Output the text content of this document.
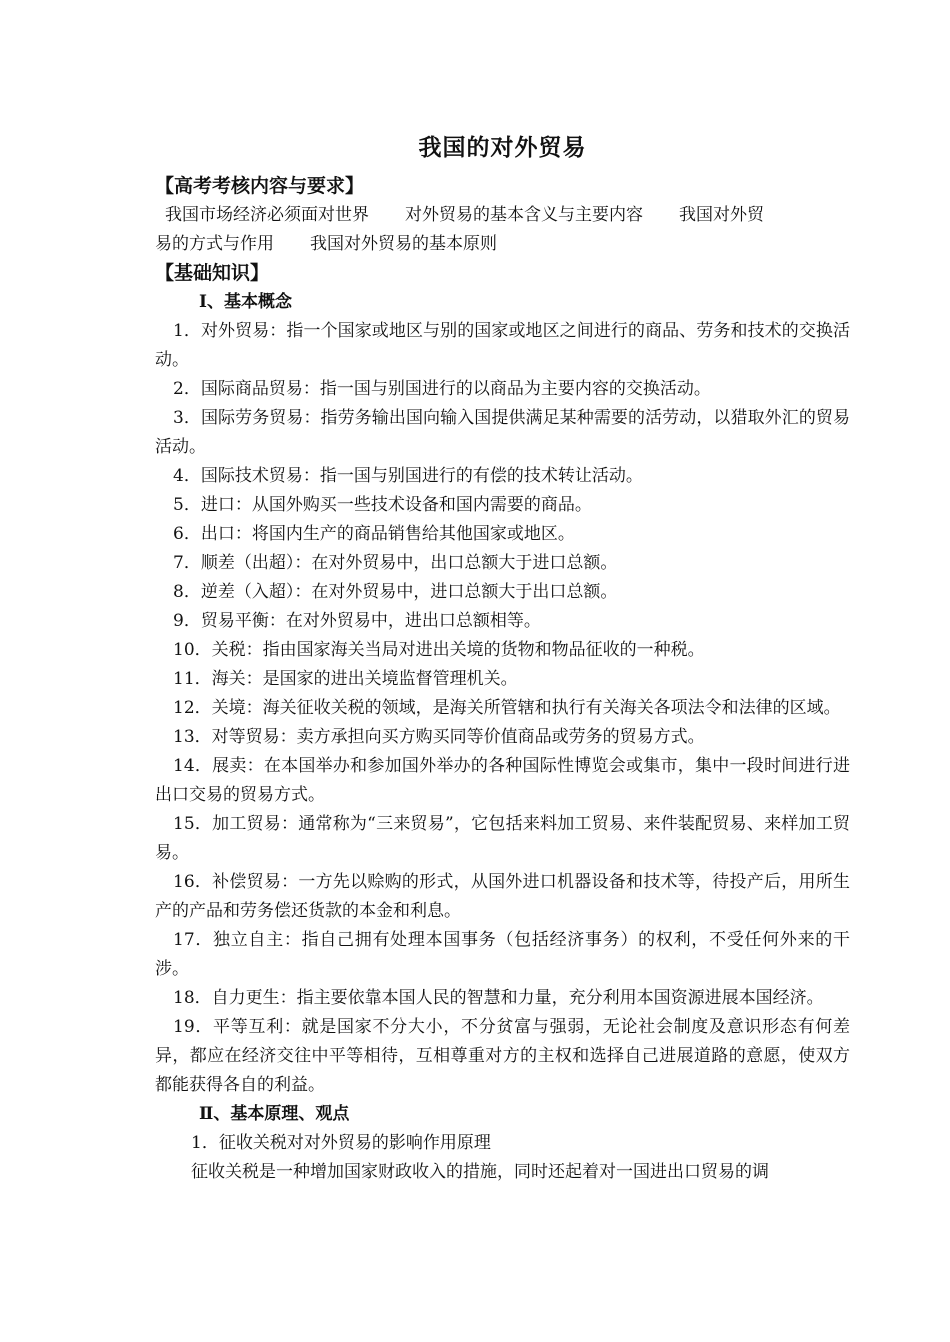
我国的对外贸易

【高考考核内容与要求】

我国市场经济必须面对世界 对外贸易的基本含义与主要内容 我国对外贸
易的方式与作用 我国对外贸易的基本原则

【基础知识】

Ⅰ、基本概念

1．对外贸易：指一个国家或地区与别的国家或地区之间进行的商品、劳务和技术的交换活动。

2．国际商品贸易：指一国与别国进行的以商品为主要内容的交换活动。

3．国际劳务贸易：指劳务输出国向输入国提供满足某种需要的活劳动，以猎取外汇的贸易活动。

4．国际技术贸易：指一国与别国进行的有偿的技术转让活动。

5．进口：从国外购买一些技术设备和国内需要的商品。

6．出口：将国内生产的商品销售给其他国家或地区。

7．顺差（出超）：在对外贸易中，出口总额大于进口总额。

8．逆差（入超）：在对外贸易中，进口总额大于出口总额。

9．贸易平衡：在对外贸易中，进出口总额相等。

10．关税：指由国家海关当局对进出关境的货物和物品征收的一种税。

11．海关：是国家的进出关境监督管理机关。

12．关境：海关征收关税的领域，是海关所管辖和执行有关海关各项法令和法律的区域。

13．对等贸易：卖方承担向买方购买同等价值商品或劳务的贸易方式。

14．展卖：在本国举办和参加国外举办的各种国际性博览会或集市，集中一段时间进行进出口交易的贸易方式。

15．加工贸易：通常称为“三来贸易”，它包括来料加工贸易、来件装配贸易、来样加工贸易。

16．补偿贸易：一方先以赊购的形式，从国外进口机器设备和技术等，待投产后，用所生产的产品和劳务偿还货款的本金和利息。

17．独立自主：指自己拥有处理本国事务（包括经济事务）的权利，不受任何外来的干涉。

18．自力更生：指主要依靠本国人民的智慧和力量，充分利用本国资源进展本国经济。

19．平等互利：就是国家不分大小，不分贫富与强弱，无论社会制度及意识形态有何差异，都应在经济交往中平等相待，互相尊重对方的主权和选择自己进展道路的意愿，使双方都能获得各自的利益。

Ⅱ、基本原理、观点

1．征收关税对对外贸易的影响作用原理

征收关税是一种增加国家财政收入的措施，同时还起着对一国进出口贸易的调
